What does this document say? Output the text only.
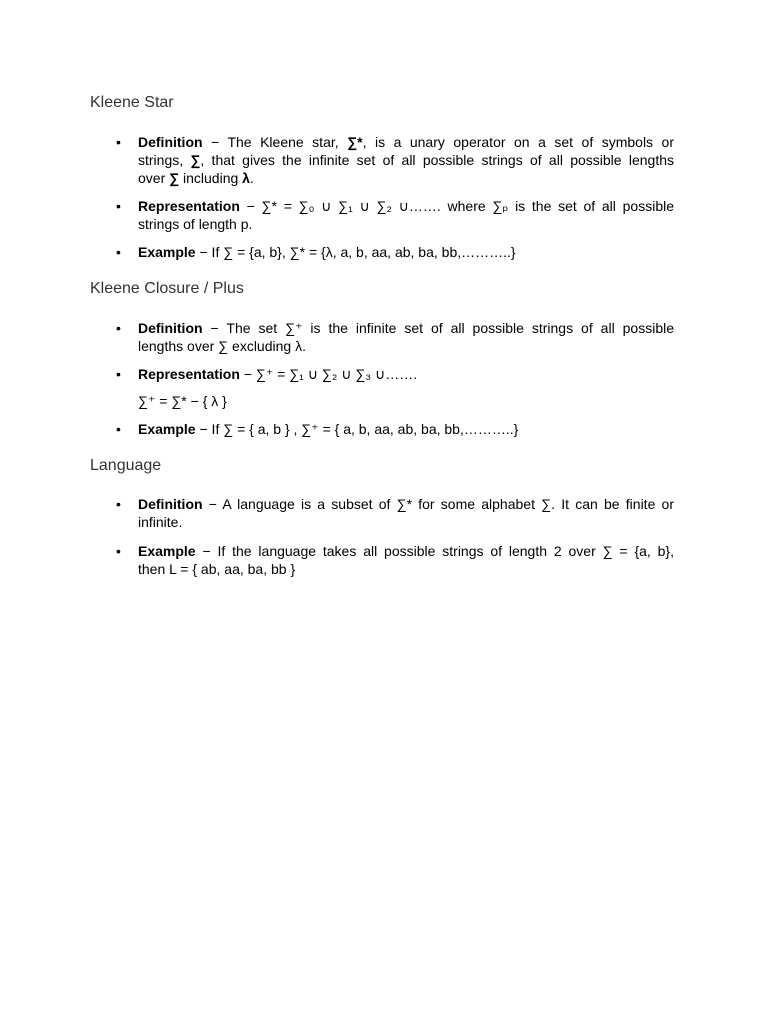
Kleene Star
• Definition − The Kleene star, ∑*, is a unary operator on a set of symbols or
strings, ∑, that gives the infinite set of all possible strings of all possible lengths
over ∑ including λ.
• Representation − ∑* = ∑₀ ∪ ∑₁ ∪ ∑₂ ∪……. where ∑ₚ is the set of all possible
strings of length p.
• Example − If ∑ = {a, b}, ∑* = {λ, a, b, aa, ab, ba, bb,………..}
Kleene Closure / Plus
• Definition − The set ∑⁺ is the infinite set of all possible strings of all possible
lengths over ∑ excluding λ.
• Representation − ∑⁺ = ∑₁ ∪ ∑₂ ∪ ∑₃ ∪…….

∑⁺ = ∑* − { λ }

• Example − If ∑ = { a, b } , ∑⁺ = { a, b, aa, ab, ba, bb,………..}
Language
• Definition − A language is a subset of ∑* for some alphabet ∑. It can be finite or
infinite.
• Example − If the language takes all possible strings of length 2 over ∑ = {a, b},
then L = { ab, aa, ba, bb }
